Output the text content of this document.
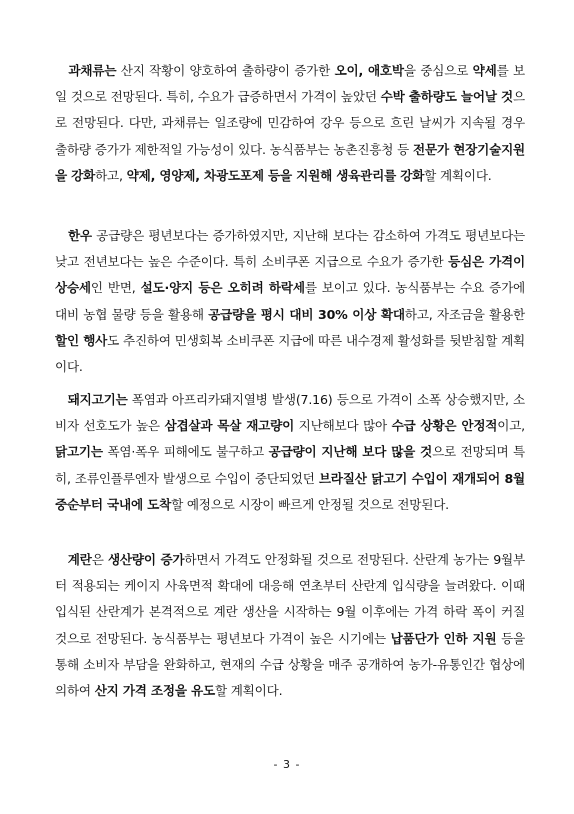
과채류는 산지 작황이 양호하여 출하량이 증가한 오이, 애호박을 중심으로 약세를 보일 것으로 전망된다. 특히, 수요가 급증하면서 가격이 높았던 수박 출하량도 늘어날 것으로 전망된다. 다만, 과채류는 일조량에 민감하여 강우 등으로 흐린 날씨가 지속될 경우 출하량 증가가 제한적일 가능성이 있다. 농식품부는 농촌진흥청 등 전문가 현장기술지원을 강화하고, 약제, 영양제, 차광도포제 등을 지원해 생육관리를 강화할 계획이다.

한우 공급량은 평년보다는 증가하였지만, 지난해 보다는 감소하여 가격도 평년보다는 낮고 전년보다는 높은 수준이다. 특히 소비쿠폰 지급으로 수요가 증가한 등심은 가격이 상승세인 반면, 설도·양지 등은 오히려 하락세를 보이고 있다. 농식품부는 수요 증가에 대비 농협 물량 등을 활용해 공급량을 평시 대비 30% 이상 확대하고, 자조금을 활용한 할인 행사도 추진하여 민생회복 소비쿠폰 지급에 따른 내수경제 활성화를 뒷받침할 계획이다.

돼지고기는 폭염과 아프리카돼지열병 발생(7.16) 등으로 가격이 소폭 상승했지만, 소비자 선호도가 높은 삼겹살과 목살 재고량이 지난해보다 많아 수급 상황은 안정적이고, 닭고기는 폭염·폭우 피해에도 불구하고 공급량이 지난해 보다 많을 것으로 전망되며 특히, 조류인플루엔자 발생으로 수입이 중단되었던 브라질산 닭고기 수입이 재개되어 8월 중순부터 국내에 도착할 예정으로 시장이 빠르게 안정될 것으로 전망된다.

계란은 생산량이 증가하면서 가격도 안정화될 것으로 전망된다. 산란계 농가는 9월부터 적용되는 케이지 사육면적 확대에 대응해 연초부터 산란계 입식량을 늘려왔다. 이때 입식된 산란계가 본격적으로 계란 생산을 시작하는 9월 이후에는 가격 하락 폭이 커질 것으로 전망된다. 농식품부는 평년보다 가격이 높은 시기에는 납품단가 인하 지원 등을 통해 소비자 부담을 완화하고, 현재의 수급 상황을 매주 공개하여 농가-유통인간 협상에 의하여 산지 가격 조정을 유도할 계획이다.

- 3 -
